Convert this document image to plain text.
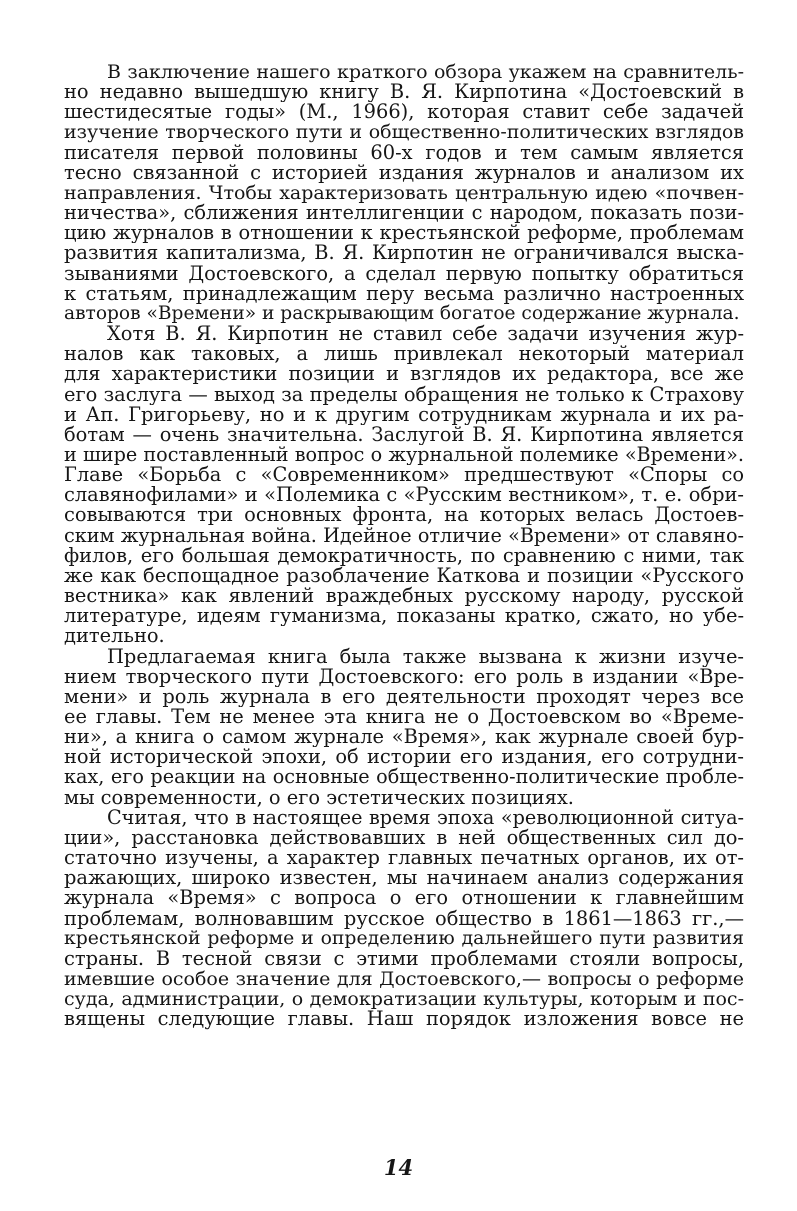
В заключение нашего краткого обзора укажем на сравнитель-
но недавно вышедшую книгу В. Я. Кирпотина «Достоевский в
шестидесятые годы» (М., 1966), которая ставит себе задачей
изучение творческого пути и общественно-политических взглядов
писателя первой половины 60-х годов и тем самым является
тесно связанной с историей издания журналов и анализом их
направления. Чтобы характеризовать центральную идею «почвен-
ничества», сближения интеллигенции с народом, показать пози-
цию журналов в отношении к крестьянской реформе, проблемам
развития капитализма, В. Я. Кирпотин не ограничивался выска-
зываниями Достоевского, а сделал первую попытку обратиться
к статьям, принадлежащим перу весьма различно настроенных
авторов «Времени» и раскрывающим богатое содержание журнала.
Хотя В. Я. Кирпотин не ставил себе задачи изучения жур-
налов как таковых, а лишь привлекал некоторый материал
для характеристики позиции и взглядов их редактора, все же
его заслуга — выход за пределы обращения не только к Страхову
и Ап. Григорьеву, но и к другим сотрудникам журнала и их ра-
ботам — очень значительна. Заслугой В. Я. Кирпотина является
и шире поставленный вопрос о журнальной полемике «Времени».
Главе «Борьба с «Современником» предшествуют «Споры со
славянофилами» и «Полемика с «Русским вестником», т. е. обри-
совываются три основных фронта, на которых велась Достоев-
ским журнальная война. Идейное отличие «Времени» от славяно-
филов, его большая демократичность, по сравнению с ними, так
же как беспощадное разоблачение Каткова и позиции «Русского
вестника» как явлений враждебных русскому народу, русской
литературе, идеям гуманизма, показаны кратко, сжато, но убе-
дительно.
Предлагаемая книга была также вызвана к жизни изуче-
нием творческого пути Достоевского: его роль в издании «Вре-
мени» и роль журнала в его деятельности проходят через все
ее главы. Тем не менее эта книга не о Достоевском во «Време-
ни», а книга о самом журнале «Время», как журнале своей бур-
ной исторической эпохи, об истории его издания, его сотрудни-
ках, его реакции на основные общественно-политические пробле-
мы современности, о его эстетических позициях.
Считая, что в настоящее время эпоха «революционной ситуа-
ции», расстановка действовавших в ней общественных сил до-
статочно изучены, а характер главных печатных органов, их от-
ражающих, широко известен, мы начинаем анализ содержания
журнала «Время» с вопроса о его отношении к главнейшим
проблемам, волновавшим русское общество в 1861—1863 гг.,—
крестьянской реформе и определению дальнейшего пути развития
страны. В тесной связи с этими проблемами стояли вопросы,
имевшие особое значение для Достоевского,— вопросы о реформе
суда, администрации, о демократизации культуры, которым и пос-
вящены следующие главы. Наш порядок изложения вовсе не
14
